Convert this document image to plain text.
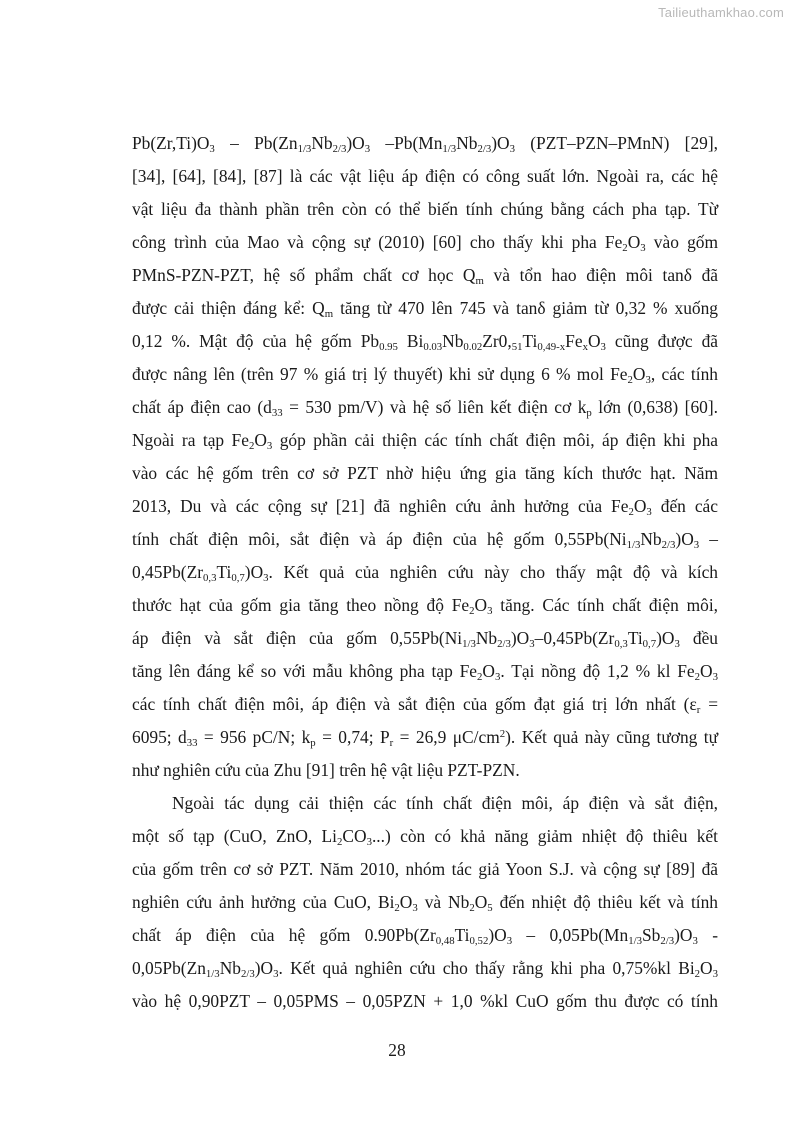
Tailieuthamkhao.com
$Pb(Zr,Ti)O_3 - Pb(Zn_{1/3}Nb_{2/3})O_3$ $-Pb(Mn_{1/3}Nb_{2/3})O_3$ (PZT–PZN–PMnN) [29],
[34], [64], [84], [87] là các vật liệu áp điện có công suất lớn. Ngoài ra, các hệ
vật liệu đa thành phần trên còn có thể biến tính chúng bằng cách pha tạp. Từ
công trình của Mao và cộng sự (2010) [60] cho thấy khi pha $Fe_2O_3$ vào gốm
PMnS-PZN-PZT, hệ số phẩm chất cơ học $Q_m$ và tổn hao điện môi tanδ đã
được cải thiện đáng kể: $Q_m$ tăng từ 470 lên 745 và tanδ giảm từ 0,32 % xuống
0,12 %. Mật độ của hệ gốm $Pb_{0.95}$ $Bi_{0.03}Nb_{0.02}Zr0,_{51}Ti_{0,49-x}Fe_xO_3$ cũng được đã
được nâng lên (trên 97 % giá trị lý thuyết) khi sử dụng 6 % mol $Fe_2O_3$, các tính
chất áp điện cao ($d_{33} = 530$ pm/V) và hệ số liên kết điện cơ $k_p$ lớn (0,638) [60].
Ngoài ra tạp $Fe_2O_3$ góp phần cải thiện các tính chất điện môi, áp điện khi pha
vào các hệ gốm trên cơ sở PZT nhờ hiệu ứng gia tăng kích thước hạt. Năm
2013, Du và các cộng sự [21] đã nghiên cứu ảnh hưởng của $Fe_2O_3$ đến các
tính chất điện môi, sắt điện và áp điện của hệ gốm $0,55Pb(Ni_{1/3}Nb_{2/3})O_3$ –
$0,45Pb(Zr_{0,3}Ti_{0,7})O_3$. Kết quả của nghiên cứu này cho thấy mật độ và kích
thước hạt của gốm gia tăng theo nồng độ $Fe_2O_3$ tăng. Các tính chất điện môi,
áp điện và sắt điện của gốm $0,55Pb(Ni_{1/3}Nb_{2/3})O_3-0,45Pb(Zr_{0,3}Ti_{0,7})O_3$ đều
tăng lên đáng kể so với mẫu không pha tạp $Fe_2O_3$. Tại nồng độ 1,2 % kl $Fe_2O_3$
các tính chất điện môi, áp điện và sắt điện của gốm đạt giá trị lớn nhất ($\varepsilon_r$ =
6095; $d_{33} = 956$ pC/N; $k_p = 0,74$; $P_r = 26,9$ $\mu C/cm^2$). Kết quả này cũng tương tự
như nghiên cứu của Zhu [91] trên hệ vật liệu PZT-PZN.
Ngoài tác dụng cải thiện các tính chất điện môi, áp điện và sắt điện,
một số tạp (CuO, ZnO, $Li_2CO_3$...) còn có khả năng giảm nhiệt độ thiêu kết
của gốm trên cơ sở PZT. Năm 2010, nhóm tác giả Yoon S.J. và cộng sự [89] đã
nghiên cứu ảnh hưởng của CuO, $Bi_2O_3$ và $Nb_2O_5$ đến nhiệt độ thiêu kết và tính
chất áp điện của hệ gốm $0.90Pb(Zr_{0,48}Ti_{0,52})O_3 - 0,05Pb(Mn_{1/3}Sb_{2/3})O_3$ -
$0,05Pb(Zn_{1/3}Nb_{2/3})O_3$. Kết quả nghiên cứu cho thấy rằng khi pha 0,75%kl $Bi_2O_3$
vào hệ 0,90PZT – 0,05PMS – 0,05PZN + 1,0 %kl CuO gốm thu được có tính
28
